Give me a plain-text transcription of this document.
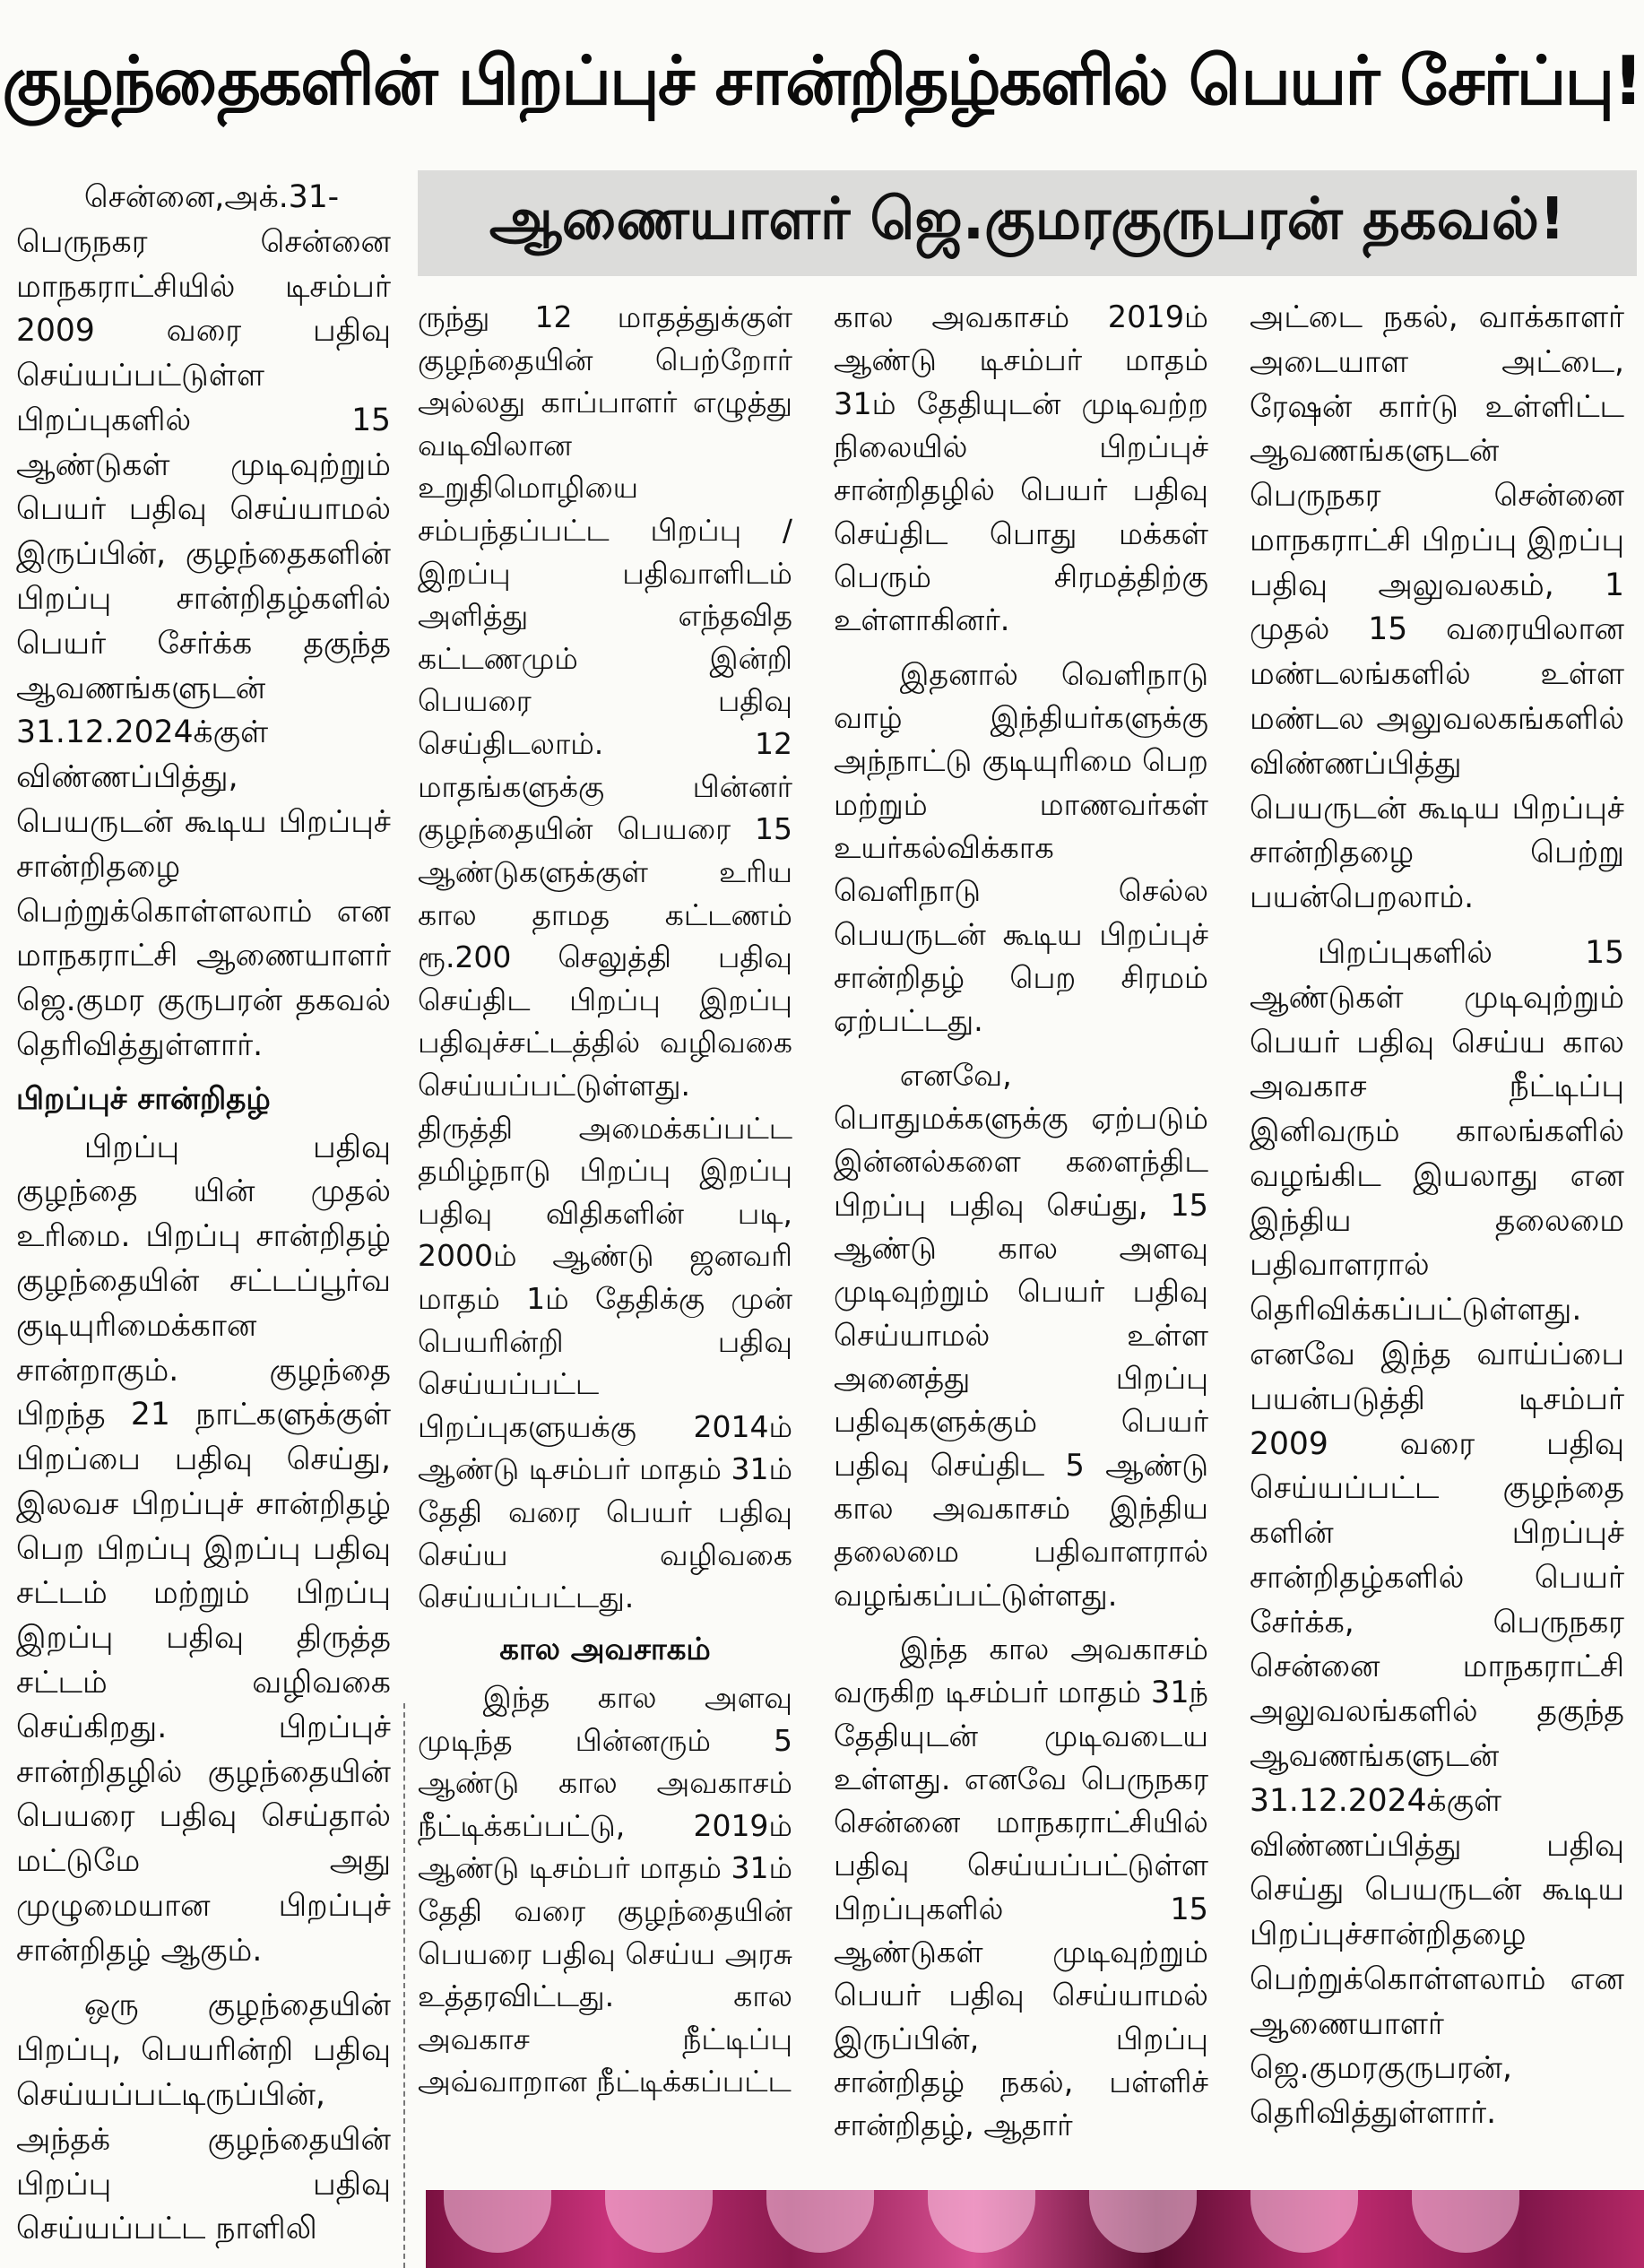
குழந்தைகளின் பிறப்புச் சான்றிதழ்களில் பெயர் சேர்ப்பு!
ஆணையாளர் ஜெ.குமரகுருபரன் தகவல்!

சென்னை,அக்.31- பெருநகர சென்னை மாநகராட்சியில் டிசம்பர் 2009 வரை பதிவு செய்யப்பட்டுள்ள பிறப்புகளில் 15 ஆண்டுகள் முடிவுற்றும் பெயர் பதிவு செய்யாமல் இருப்பின், குழந்தைகளின் பிறப்பு சான்றிதழ்களில் பெயர் சேர்க்க தகுந்த ஆவணங்களுடன் 31.12.2024க்குள் விண்ணப்பித்து, பெயருடன் கூடிய பிறப்புச் சான்றிதழை பெற்றுக்கொள்ளலாம் என மாநகராட்சி ஆணையாளர் ஜெ.குமர குருபரன் தகவல் தெரிவித்துள்ளார்.

பிறப்புச் சான்றிதழ்

பிறப்பு பதிவு குழந்தை யின் முதல் உரிமை. பிறப்பு சான்றிதழ் குழந்தையின் சட்டப்பூர்வ குடியுரிமைக்கான சான்றாகும். குழந்தை பிறந்த 21 நாட்களுக்குள் பிறப்பை பதிவு செய்து, இலவச பிறப்புச் சான்றிதழ் பெற பிறப்பு இறப்பு பதிவு சட்டம் மற்றும் பிறப்பு இறப்பு பதிவு திருத்த சட்டம் வழிவகை செய்கிறது. பிறப்புச் சான்றிதழில் குழந்தையின் பெயரை பதிவு செய்தால் மட்டுமே அது முழுமையான பிறப்புச் சான்றிதழ் ஆகும்.

ஒரு குழந்தையின் பிறப்பு, பெயரின்றி பதிவு செய்யப்பட்டிருப்பின், அந்தக் குழந்தையின் பிறப்பு பதிவு செய்யப்பட்ட நாளிலி

ருந்து 12 மாதத்துக்குள் குழந்தையின் பெற்றோர் அல்லது காப்பாளர் எழுத்து வடிவிலான உறுதிமொழியை சம்பந்தப்பட்ட பிறப்பு / இறப்பு பதிவாளிடம் அளித்து எந்தவித கட்டணமும் இன்றி பெயரை பதிவு செய்திடலாம். 12 மாதங்களுக்கு பின்னர் குழந்தையின் பெயரை 15 ஆண்டுகளுக்குள் உரிய கால தாமத கட்டணம் ரூ.200 செலுத்தி பதிவு செய்திட பிறப்பு இறப்பு பதிவுச்சட்டத்தில் வழிவகை செய்யப்பட்டுள்ளது. திருத்தி அமைக்கப்பட்ட தமிழ்நாடு பிறப்பு இறப்பு பதிவு விதிகளின் படி, 2000ம் ஆண்டு ஜனவரி மாதம் 1ம் தேதிக்கு முன் பெயரின்றி பதிவு செய்யப்பட்ட பிறப்புகளுயக்கு 2014ம் ஆண்டு டிசம்பர் மாதம் 31ம் தேதி வரை பெயர் பதிவு செய்ய வழிவகை செய்யப்பட்டது.

கால அவசாகம்

இந்த கால அளவு முடிந்த பின்னரும் 5 ஆண்டு கால அவகாசம் நீட்டிக்கப்பட்டு, 2019ம் ஆண்டு டிசம்பர் மாதம் 31ம் தேதி வரை குழந்தையின் பெயரை பதிவு செய்ய அரசு உத்தரவிட்டது. கால அவகாச நீட்டிப்பு அவ்வாறான நீட்டிக்கப்பட்ட

கால அவகாசம் 2019ம் ஆண்டு டிசம்பர் மாதம் 31ம் தேதியுடன் முடிவற்ற நிலையில் பிறப்புச் சான்றிதழில் பெயர் பதிவு செய்திட பொது மக்கள் பெரும் சிரமத்திற்கு உள்ளாகினர்.

இதனால் வெளிநாடு வாழ் இந்தியர்களுக்கு அந்நாட்டு குடியுரிமை பெற மற்றும் மாணவர்கள் உயர்கல்விக்காக வெளிநாடு செல்ல பெயருடன் கூடிய பிறப்புச் சான்றிதழ் பெற சிரமம் ஏற்பட்டது.

எனவே, பொதுமக்களுக்கு ஏற்படும் இன்னல்களை களைந்திட பிறப்பு பதிவு செய்து, 15 ஆண்டு கால அளவு முடிவுற்றும் பெயர் பதிவு செய்யாமல் உள்ள அனைத்து பிறப்பு பதிவுகளுக்கும் பெயர் பதிவு செய்திட 5 ஆண்டு கால அவகாசம் இந்திய தலைமை பதிவாளரால் வழங்கப்பட்டுள்ளது.

இந்த கால அவகாசம் வருகிற டிசம்பர் மாதம் 31ந் தேதியுடன் முடிவடைய உள்ளது. எனவே பெருநகர சென்னை மாநகராட்சியில் பதிவு செய்யப்பட்டுள்ள பிறப்புகளில் 15 ஆண்டுகள் முடிவுற்றும் பெயர் பதிவு செய்யாமல் இருப்பின், பிறப்பு சான்றிதழ் நகல், பள்ளிச் சான்றிதழ், ஆதார்

அட்டை நகல், வாக்காளர் அடையாள அட்டை, ரேஷன் கார்டு உள்ளிட்ட ஆவணங்களுடன் பெருநகர சென்னை மாநகராட்சி பிறப்பு இறப்பு பதிவு அலுவலகம், 1 முதல் 15 வரையிலான மண்டலங்களில் உள்ள மண்டல அலுவலகங்களில் விண்ணப்பித்து பெயருடன் கூடிய பிறப்புச் சான்றிதழை பெற்று பயன்பெறலாம்.

பிறப்புகளில் 15 ஆண்டுகள் முடிவுற்றும் பெயர் பதிவு செய்ய கால அவகாச நீட்டிப்பு இனிவரும் காலங்களில் வழங்கிட இயலாது என இந்திய தலைமை பதிவாளரால் தெரிவிக்கப்பட்டுள்ளது. எனவே இந்த வாய்ப்பை பயன்படுத்தி டிசம்பர் 2009 வரை பதிவு செய்யப்பட்ட குழந்தை களின் பிறப்புச் சான்றிதழ்களில் பெயர் சேர்க்க, பெருநகர சென்னை மாநகராட்சி அலுவலங்களில் தகுந்த ஆவணங்களுடன் 31.12.2024க்குள் விண்ணப்பித்து பதிவு செய்து பெயருடன் கூடிய பிறப்புச்சான்றிதழை பெற்றுக்கொள்ளலாம் என ஆணையாளர் ஜெ.குமரகுருபரன், தெரிவித்துள்ளார்.
